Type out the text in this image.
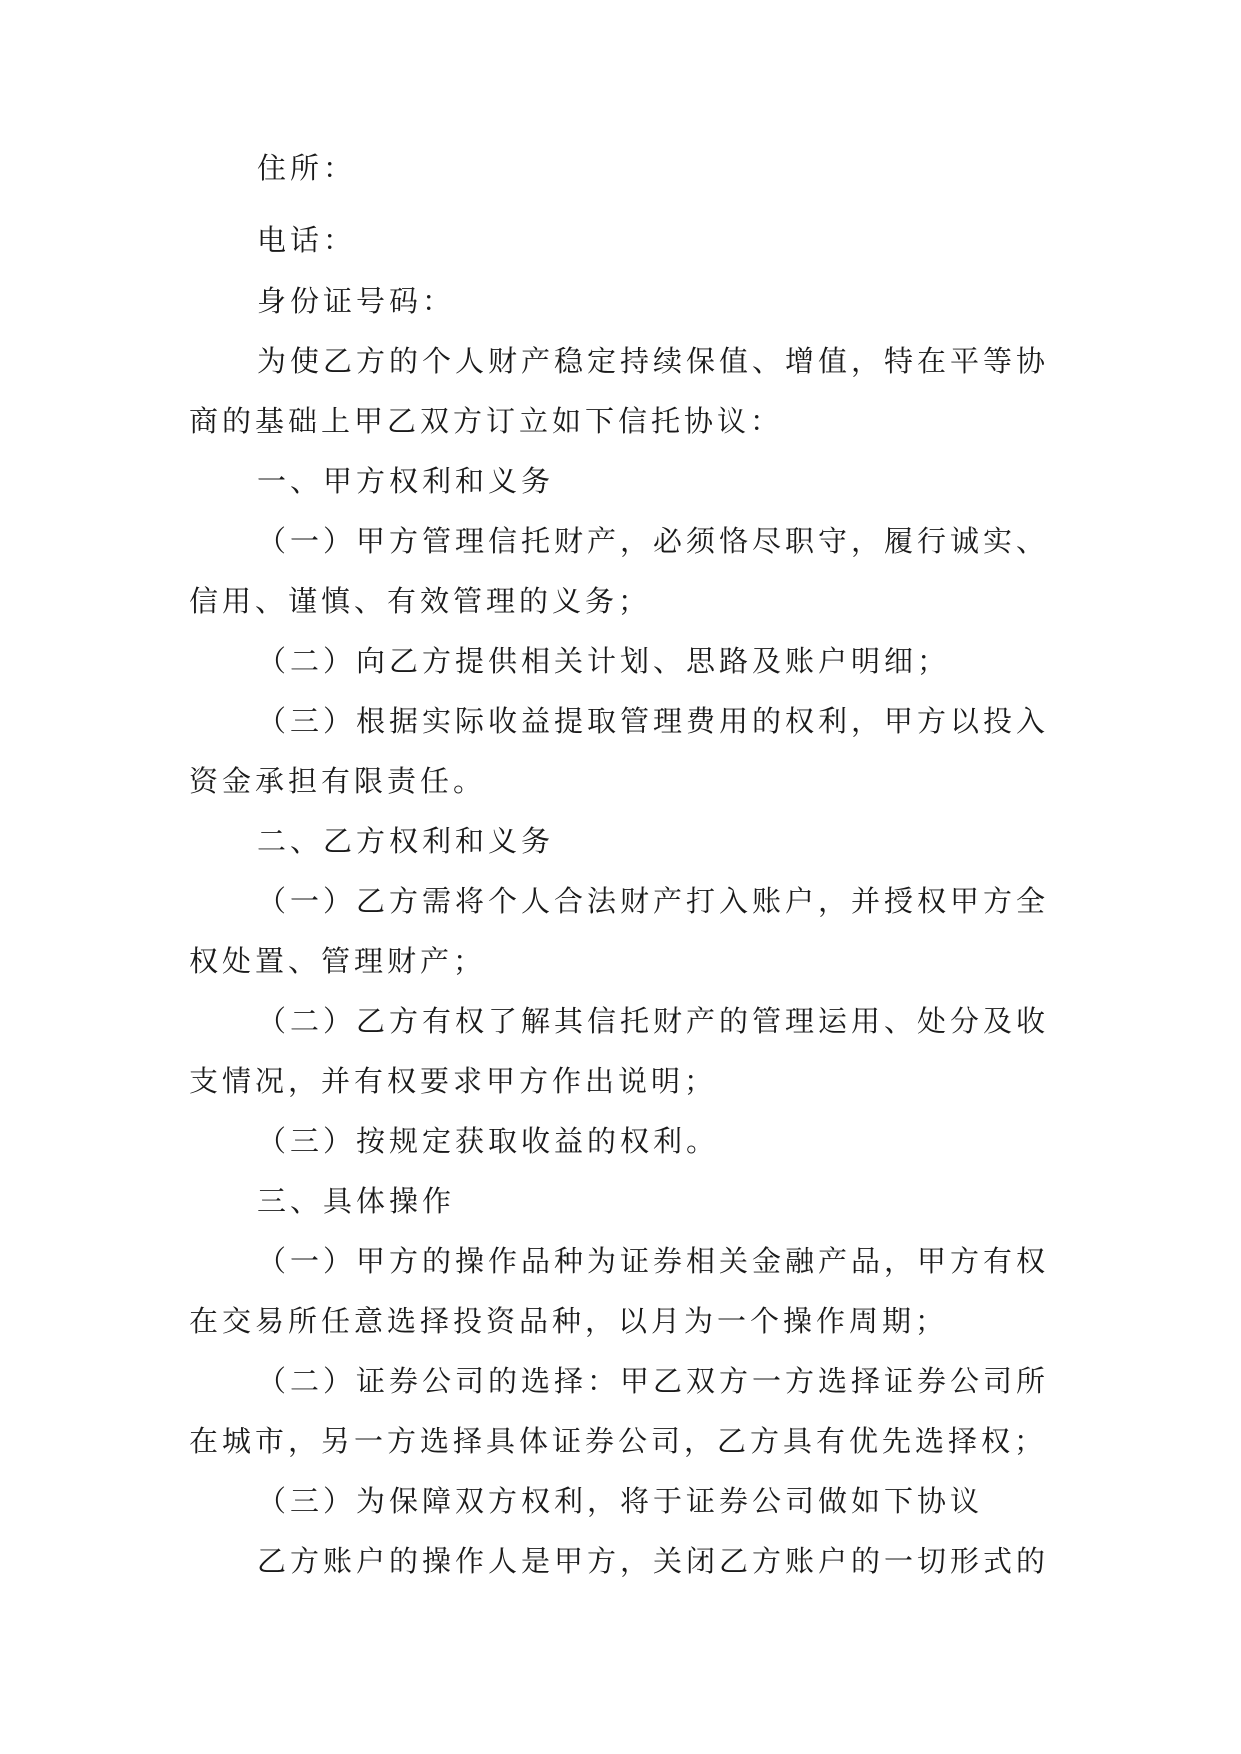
住所：
电话：
身份证号码：
为使乙方的个人财产稳定持续保值、增值，特在平等协
商的基础上甲乙双方订立如下信托协议：
一、甲方权利和义务
（一）甲方管理信托财产，必须恪尽职守，履行诚实、
信用、谨慎、有效管理的义务；
（二）向乙方提供相关计划、思路及账户明细；
（三）根据实际收益提取管理费用的权利，甲方以投入
资金承担有限责任。
二、乙方权利和义务
（一）乙方需将个人合法财产打入账户，并授权甲方全
权处置、管理财产；
（二）乙方有权了解其信托财产的管理运用、处分及收
支情况，并有权要求甲方作出说明；
（三）按规定获取收益的权利。
三、具体操作
（一）甲方的操作品种为证券相关金融产品，甲方有权
在交易所任意选择投资品种，以月为一个操作周期；
（二）证券公司的选择：甲乙双方一方选择证券公司所
在城市，另一方选择具体证券公司，乙方具有优先选择权；
（三）为保障双方权利，将于证券公司做如下协议
乙方账户的操作人是甲方，关闭乙方账户的一切形式的
